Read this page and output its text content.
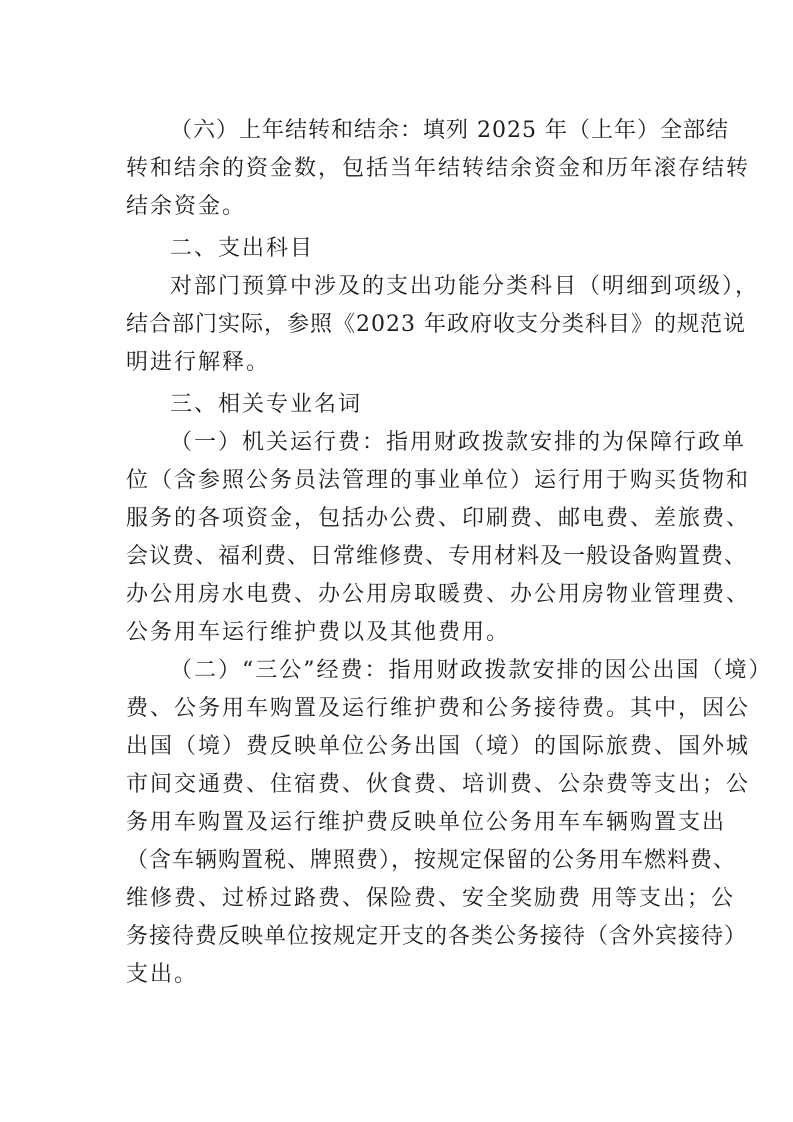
（六）上年结转和结余：填列 2025 年（上年）全部结

转和结余的资金数，包括当年结转结余资金和历年滚存结转

结余资金。

二、支出科目

对部门预算中涉及的支出功能分类科目（明细到项级），

结合部门实际，参照《2023 年政府收支分类科目》的规范说

明进行解释。

三、相关专业名词

（一）机关运行费：指用财政拨款安排的为保障行政单

位（含参照公务员法管理的事业单位）运行用于购买货物和

服务的各项资金，包括办公费、印刷费、邮电费、差旅费、

会议费、福利费、日常维修费、专用材料及一般设备购置费、

办公用房水电费、办公用房取暖费、办公用房物业管理费、

公务用车运行维护费以及其他费用。

（二）“三公”经费：指用财政拨款安排的因公出国（境）

费、公务用车购置及运行维护费和公务接待费。其中，因公

出国（境）费反映单位公务出国（境）的国际旅费、国外城

市间交通费、住宿费、伙食费、培训费、公杂费等支出；公

务用车购置及运行维护费反映单位公务用车车辆购置支出

（含车辆购置税、牌照费），按规定保留的公务用车燃料费、

维修费、过桥过路费、保险费、安全奖励费 用等支出；公

务接待费反映单位按规定开支的各类公务接待（含外宾接待）

支出。
